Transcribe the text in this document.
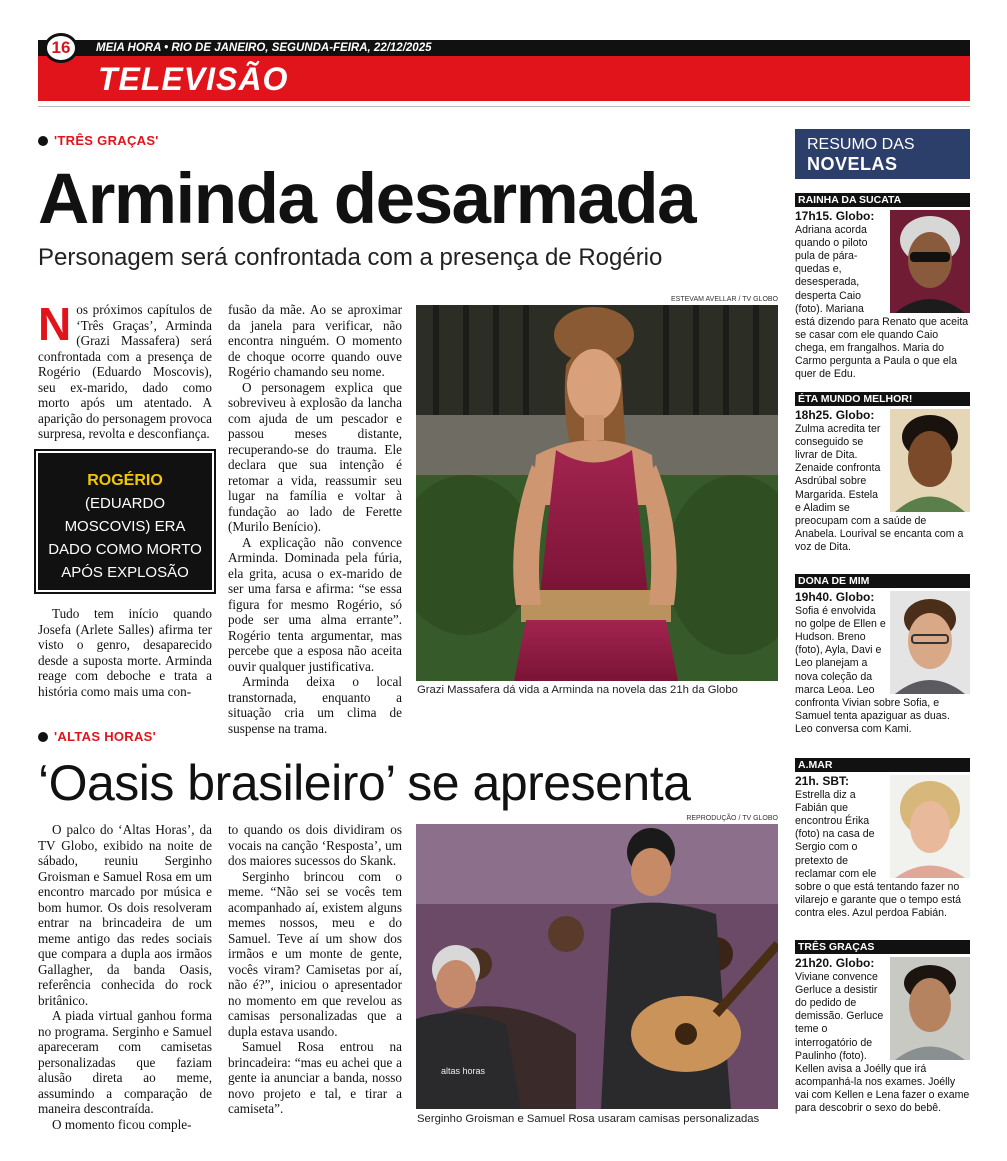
MEIA HORA • RIO DE JANEIRO, SEGUNDA-FEIRA, 22/12/2025
16
TELEVISÃO
'TRÊS GRAÇAS'
Arminda desarmada
Personagem será confrontada com a presença de Rogério
N os próximos capítulos de ‘Três Graças’, Arminda (Grazi Massafera) será confrontada com a presença de Rogério (Eduardo Moscovis), seu ex-marido, dado como morto após um atentado. A aparição do personagem provoca surpresa, revolta e desconfiança.

ROGÉRIO
(EDUARDO MOSCOVIS) ERA DADO COMO MORTO APÓS EXPLOSÃO EM LANCHA

Tudo tem início quando Josefa (Arlete Salles) afirma ter visto o genro, desaparecido desde a suposta morte. Arminda reage com deboche e trata a história como mais uma con-

fusão da mãe. Ao se aproximar da janela para verificar, não encontra ninguém. O momento de choque ocorre quando ouve Rogério chamando seu nome.

O personagem explica que sobreviveu à explosão da lancha com ajuda de um pescador e passou meses distante, recuperando-se do trauma. Ele declara que sua intenção é retomar a vida, reassumir seu lugar na família e voltar à fundação ao lado de Ferette (Murilo Benício).

A explicação não convence Arminda. Dominada pela fúria, ela grita, acusa o ex-marido de ser uma farsa e afirma: “se essa figura for mesmo Rogério, só pode ser uma alma errante”. Rogério tenta argumentar, mas percebe que a esposa não aceita ouvir qualquer justificativa.

Arminda deixa o local transtornada, enquanto a situação cria um clima de suspense na trama.

ESTEVAM AVELLAR / TV GLOBO
Grazi Massafera dá vida a Arminda na novela das 21h da Globo
'ALTAS HORAS'
‘Oasis brasileiro’ se apresenta

O palco do ‘Altas Horas’, da TV Globo, exibido na noite de sábado, reuniu Serginho Groisman e Samuel Rosa em um encontro marcado por música e bom humor. Os dois resolveram entrar na brincadeira de um meme antigo das redes sociais que compara a dupla aos irmãos Gallagher, da banda Oasis, referência conhecida do rock britânico.

A piada virtual ganhou forma no programa. Serginho e Samuel apareceram com camisetas personalizadas que faziam alusão direta ao meme, assumindo a comparação de maneira descontraída.

O momento ficou comple-

to quando os dois dividiram os vocais na canção ‘Resposta’, um dos maiores sucessos do Skank.

Serginho brincou com o meme. “Não sei se vocês tem acompanhado aí, existem alguns memes nossos, meu e do Samuel. Teve aí um show dos irmãos e um monte de gente, vocês viram? Camisetas por aí, não é?”, iniciou o apresentador no momento em que revelou as camisas personalizadas que a dupla estava usando.

Samuel Rosa entrou na brincadeira: “mas eu achei que a gente ia anunciar a banda, nosso novo projeto e tal, e tirar a camiseta”.

REPRODUÇÃO / TV GLOBO
altas horas
Serginho Groisman e Samuel Rosa usaram camisas personalizadas
RESUMO DAS
NOVELAS
RAINHA DA SUCATA
17h15. Globo: Adriana acorda quando o piloto pula de pára-quedas e, desesperada, desperta Caio (foto). Mariana está dizendo para Renato que aceita se casar com ele quando Caio chega, em frangalhos. Maria do Carmo pergunta a Paula o que ela quer de Edu.
ÉTA MUNDO MELHOR!
18h25. Globo: Zulma acredita ter conseguido se livrar de Dita. Zenaide confronta Asdrúbal sobre Margarida. Estela e Aladim se preocupam com a saúde de Anabela. Lourival se encanta com a voz de Dita.
DONA DE MIM
19h40. Globo: Sofia é envolvida no golpe de Ellen e Hudson. Breno (foto), Ayla, Davi e Leo planejam a nova coleção da marca Leoa. Leo confronta Vivian sobre Sofia, e Samuel tenta apaziguar as duas. Leo conversa com Kami.
A.MAR
21h. SBT: Estrella diz a Fabián que encontrou Érika (foto) na casa de Sergio com o pretexto de reclamar com ele sobre o que está tentando fazer no vilarejo e garante que o tempo está contra eles. Azul perdoa Fabián.
TRÊS GRAÇAS
21h20. Globo: Viviane convence Gerluce a desistir do pedido de demissão. Gerluce teme o interrogatório de Paulinho (foto). Kellen avisa a Joélly que irá acompanhá-la nos exames. Joélly vai com Kellen e Lena fazer o exame para descobrir o sexo do bebê.
